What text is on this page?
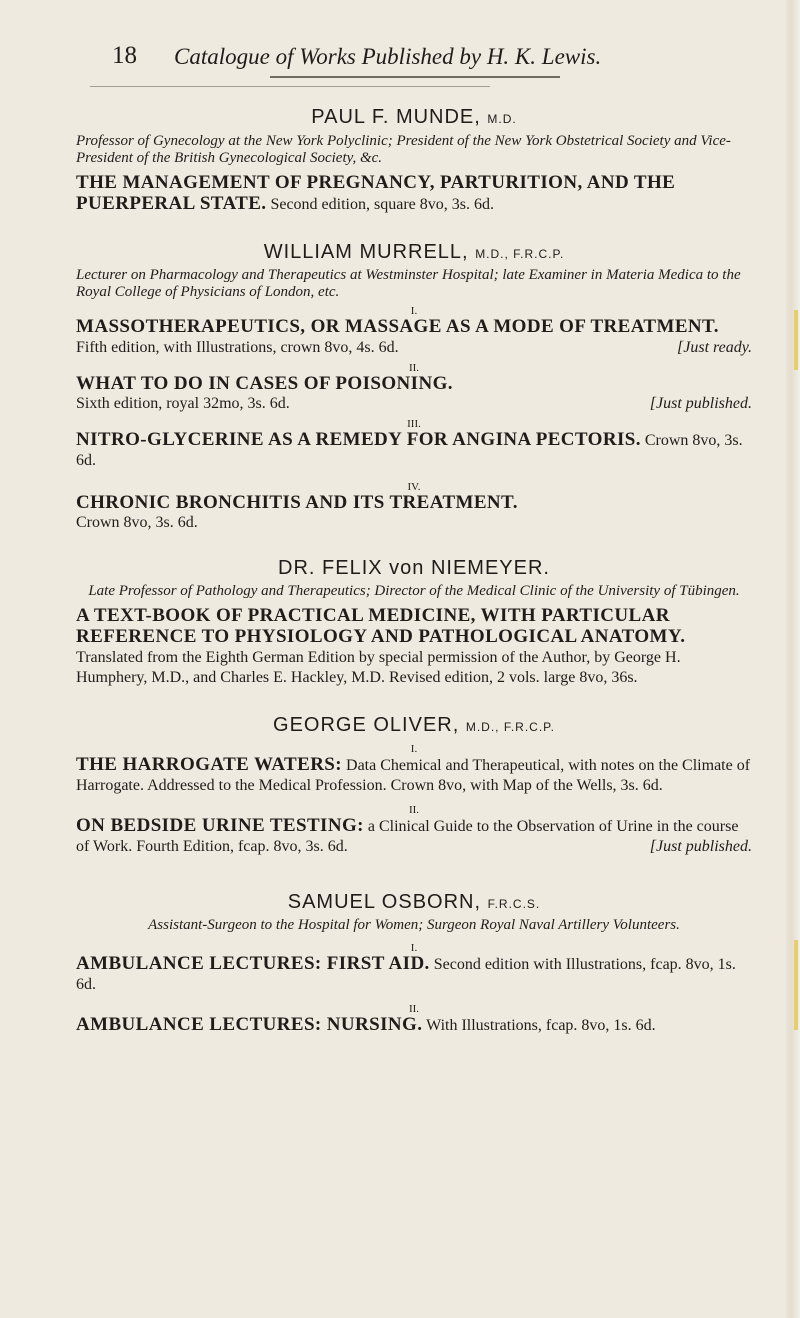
18 Catalogue of Works Published by H. K. Lewis.
PAUL F. MUNDE, M.D.
Professor of Gynecology at the New York Polyclinic; President of the New York Obstetrical Society and Vice-President of the British Gynecological Society, &c.
THE MANAGEMENT OF PREGNANCY, PARTURITION, AND THE PUERPERAL STATE. Second edition, square 8vo, 3s. 6d.
WILLIAM MURRELL, M.D., F.R.C.P.
Lecturer on Pharmacology and Therapeutics at Westminster Hospital; late Examiner in Materia Medica to the Royal College of Physicians of London, etc.
I.
MASSOTHERAPEUTICS, OR MASSAGE AS A MODE OF TREATMENT. Fifth edition, with Illustrations, crown 8vo, 4s. 6d.	[Just ready.
II.
WHAT TO DO IN CASES OF POISONING.
Sixth edition, royal 32mo, 3s. 6d.	[Just published.
III.
NITRO-GLYCERINE AS A REMEDY FOR ANGINA PECTORIS. Crown 8vo, 3s. 6d.
IV.
CHRONIC BRONCHITIS AND ITS TREATMENT.
Crown 8vo, 3s. 6d.
DR. FELIX von NIEMEYER.
Late Professor of Pathology and Therapeutics; Director of the Medical Clinic of the University of Tübingen.
A TEXT-BOOK OF PRACTICAL MEDICINE, WITH PARTICULAR REFERENCE TO PHYSIOLOGY AND PATHOLOGICAL ANATOMY. Translated from the Eighth German Edition by special permission of the Author, by George H. Humphery, M.D., and Charles E. Hackley, M.D. Revised edition, 2 vols. large 8vo, 36s.
GEORGE OLIVER, M.D., F.R.C.P.
I.
THE HARROGATE WATERS: Data Chemical and Therapeutical, with notes on the Climate of Harrogate. Addressed to the Medical Profession. Crown 8vo, with Map of the Wells, 3s. 6d.
II.
ON BEDSIDE URINE TESTING: a Clinical Guide to the Observation of Urine in the course of Work. Fourth Edition, fcap. 8vo, 3s. 6d.	[Just published.
SAMUEL OSBORN, F.R.C.S.
Assistant-Surgeon to the Hospital for Women; Surgeon Royal Naval Artillery Volunteers.
I.
AMBULANCE LECTURES: FIRST AID. Second edition with Illustrations, fcap. 8vo, 1s. 6d.
II.
AMBULANCE LECTURES: NURSING. With Illustrations, fcap. 8vo, 1s. 6d.
